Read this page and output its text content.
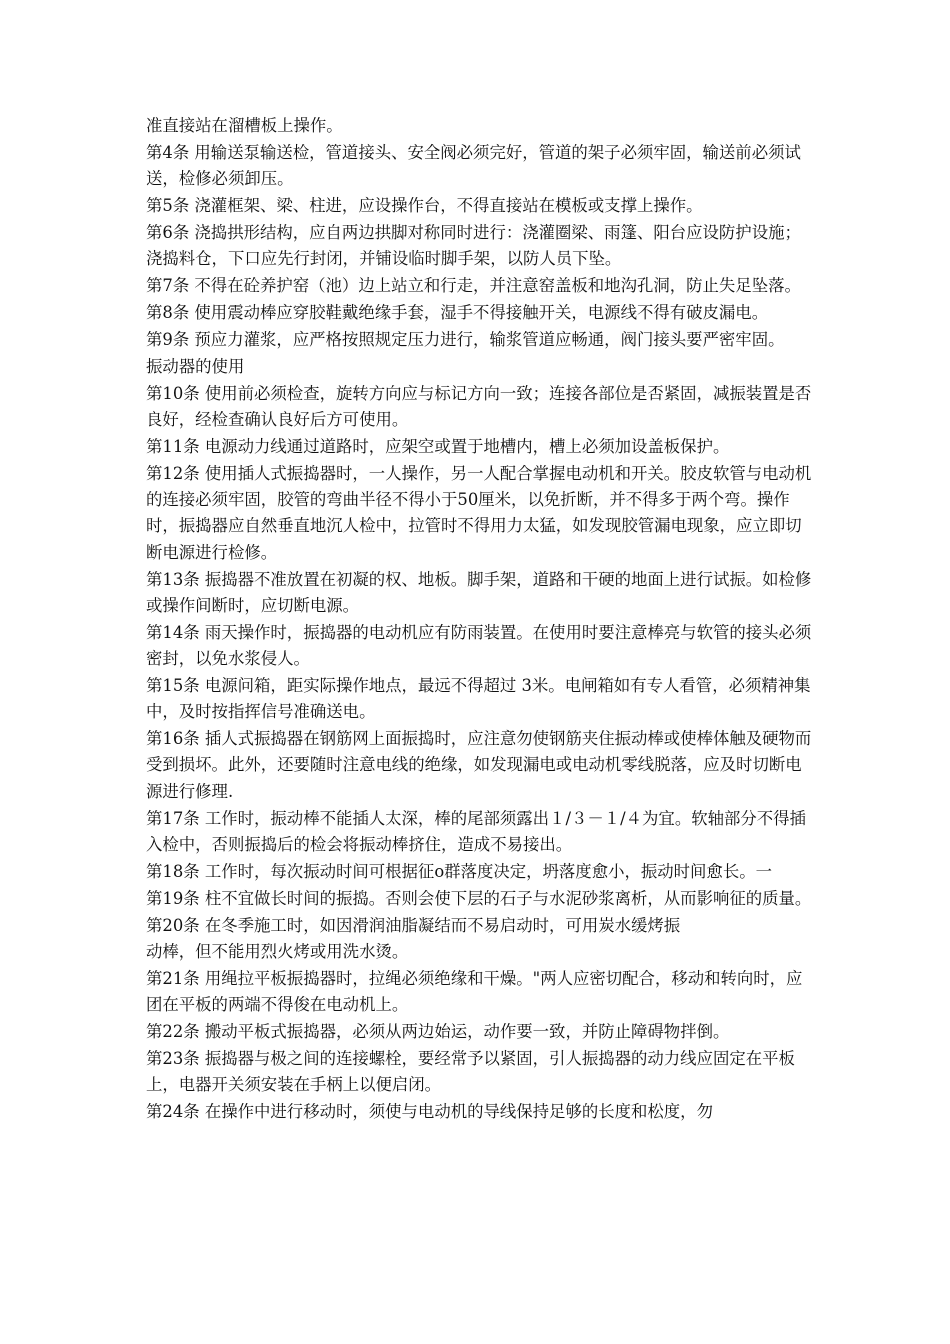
准直接站在溜槽板上操作。

第4条 用输送泵输送检，管道接头、安全阀必须完好，管道的架子必须牢固，输送前必须试送，检修必须卸压。

第5条 浇灌框架、梁、柱进，应设操作台，不得直接站在模板或支撑上操作。

第6条 浇捣拱形结构，应自两边拱脚对称同时进行：浇灌圈梁、雨篷、阳台应设防护设施；浇捣料仓，下口应先行封闭，并铺设临时脚手架，以防人员下坠。

第7条 不得在砼养护窑（池）边上站立和行走，并注意窑盖板和地沟孔洞，防止失足坠落。

第8条 使用震动棒应穿胶鞋戴绝缘手套，湿手不得接触开关，电源线不得有破皮漏电。

第9条 预应力灌浆，应严格按照规定压力进行，输浆管道应畅通，阀门接头要严密牢固。

振动器的使用

第10条 使用前必须检查，旋转方向应与标记方向一致；连接各部位是否紧固，减振装置是否良好，经检查确认良好后方可使用。

第11条 电源动力线通过道路时，应架空或置于地槽内，槽上必须加设盖板保护。

第12条 使用插人式振捣器时，一人操作，另一人配合掌握电动机和开关。胶皮软管与电动机的连接必须牢固，胶管的弯曲半径不得小于50厘米，以免折断，并不得多于两个弯。操作时，振捣器应自然垂直地沉人检中，拉管时不得用力太猛，如发现胶管漏电现象，应立即切断电源进行检修。

第13条 振捣器不准放置在初凝的权、地板。脚手架，道路和干硬的地面上进行试振。如检修或操作间断时，应切断电源。

第14条 雨天操作时，振捣器的电动机应有防雨装置。在使用时要注意棒亮与软管的接头必须密封，以免水浆侵人。

第15条 电源问箱，距实际操作地点，最远不得超过 3米。电闸箱如有专人看管，必须精神集中，及时按指挥信号准确送电。

第16条 插人式振捣器在钢筋网上面振捣时，应注意勿使钢筋夹住振动棒或使棒体触及硬物而受到损坏。此外，还要随时注意电线的绝缘，如发现漏电或电动机零线脱落，应及时切断电源进行修理.

第17条 工作时，振动棒不能插人太深，棒的尾部须露出１/３－１/４为宜。软轴部分不得插入检中，否则振捣后的检会将振动棒挤住，造成不易接出。

第18条 工作时，每次振动时间可根据征o群落度决定，坍落度愈小，振动时间愈长。一

第19条 柱不宜做长时间的振捣。否则会使下层的石子与水泥砂浆离析，从而影响征的质量。

第20条 在冬季施工时，如因滑润油脂凝结而不易启动时，可用炭水缓烤振
动棒，但不能用烈火烤或用洗水烫。

第21条 用绳拉平板振捣器时，拉绳必须绝缘和干燥。"两人应密切配合，移动和转向时，应团在平板的两端不得俊在电动机上。

第22条 搬动平板式振捣器，必须从两边始运，动作要一致，并防止障碍物拌倒。

第23条 振捣器与极之间的连接螺栓，要经常予以紧固，引人振捣器的动力线应固定在平板上，电器开关须安装在手柄上以便启闭。

第24条 在操作中进行移动时，须使与电动机的导线保持足够的长度和松度，勿
